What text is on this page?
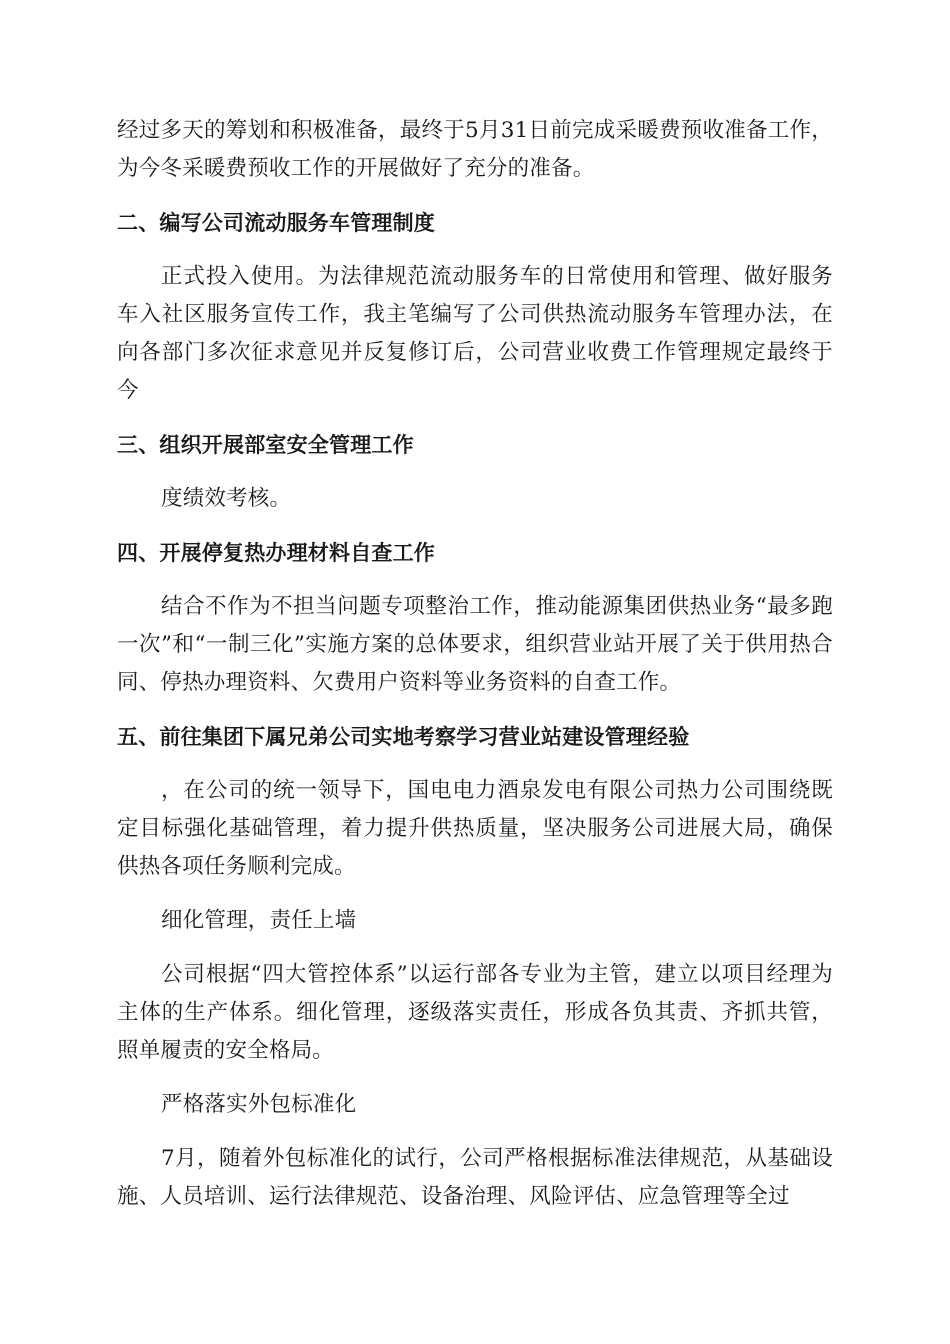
经过多天的筹划和积极准备，最终于5月31日前完成采暖费预收准备工作，为今冬采暖费预收工作的开展做好了充分的准备。

二、编写公司流动服务车管理制度

正式投入使用。为法律规范流动服务车的日常使用和管理、做好服务车入社区服务宣传工作，我主笔编写了公司供热流动服务车管理办法，在向各部门多次征求意见并反复修订后，公司营业收费工作管理规定最终于今

三、组织开展部室安全管理工作

度绩效考核。

四、开展停复热办理材料自查工作

结合不作为不担当问题专项整治工作，推动能源集团供热业务“最多跑一次”和“一制三化”实施方案的总体要求，组织营业站开展了关于供用热合同、停热办理资料、欠费用户资料等业务资料的自查工作。

五、前往集团下属兄弟公司实地考察学习营业站建设管理经验

，在公司的统一领导下，国电电力酒泉发电有限公司热力公司围绕既定目标强化基础管理，着力提升供热质量，坚决服务公司进展大局，确保供热各项任务顺利完成。

细化管理，责任上墙

公司根据“四大管控体系”以运行部各专业为主管，建立以项目经理为主体的生产体系。细化管理，逐级落实责任，形成各负其责、齐抓共管，照单履责的安全格局。

严格落实外包标准化

7月，随着外包标准化的试行，公司严格根据标准法律规范，从基础设施、人员培训、运行法律规范、设备治理、风险评估、应急管理等全过
